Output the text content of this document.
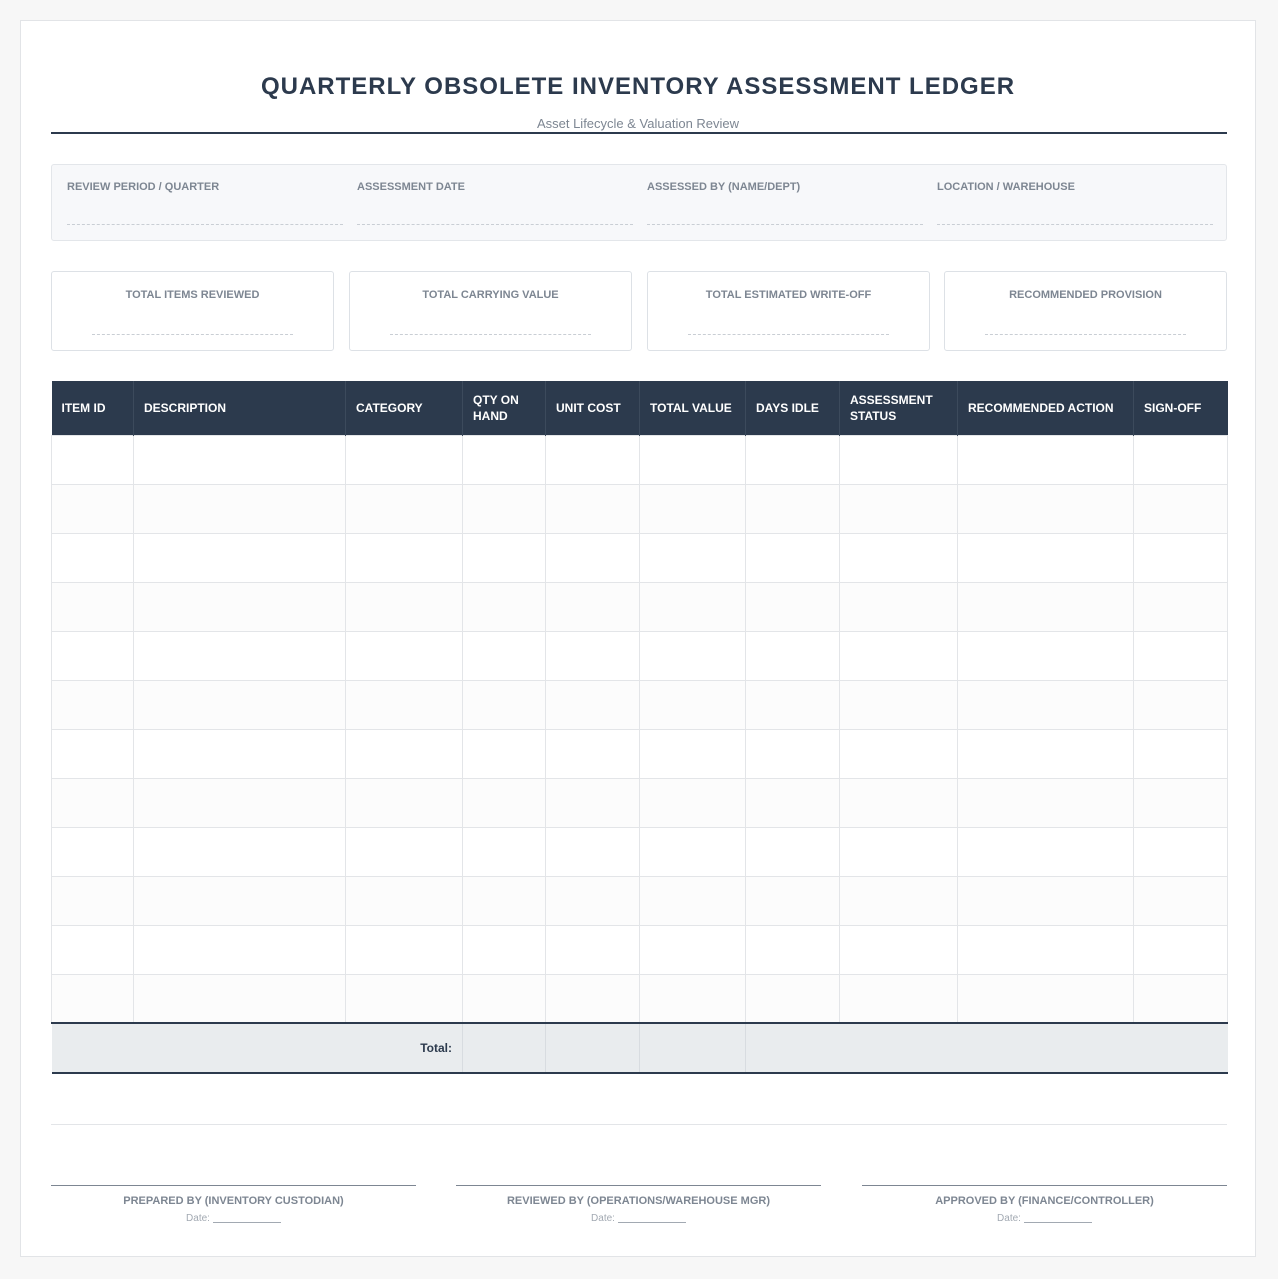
QUARTERLY OBSOLETE INVENTORY ASSESSMENT LEDGER
Asset Lifecycle & Valuation Review
REVIEW PERIOD / QUARTER	ASSESSMENT DATE	ASSESSED BY (NAME/DEPT)	LOCATION / WAREHOUSE
TOTAL ITEMS REVIEWED	TOTAL CARRYING VALUE	TOTAL ESTIMATED WRITE-OFF	RECOMMENDED PROVISION
ITEM ID	DESCRIPTION	CATEGORY	QTY ON HAND	UNIT COST	TOTAL VALUE	DAYS IDLE	ASSESSMENT STATUS	RECOMMENDED ACTION	SIGN-OFF

Total:									
PREPARED BY (INVENTORY CUSTODIAN)
Date:
REVIEWED BY (OPERATIONS/WAREHOUSE MGR)
Date:
APPROVED BY (FINANCE/CONTROLLER)
Date:
